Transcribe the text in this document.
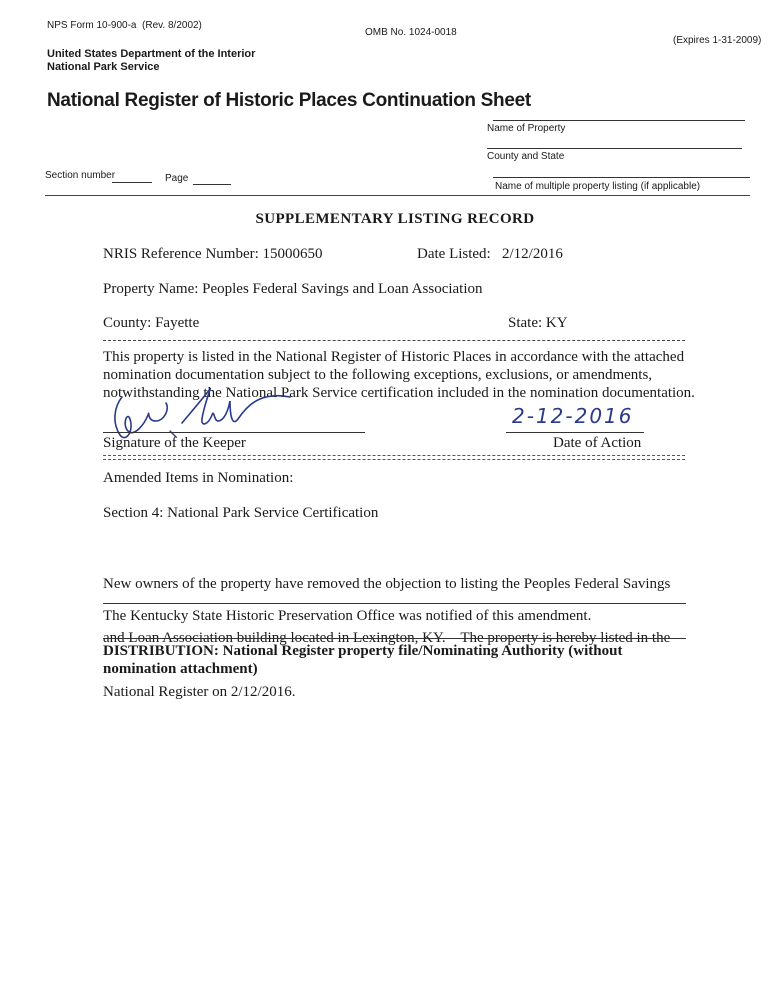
NPS Form 10-900-a (Rev. 8/2002)
OMB No. 1024-0018
(Expires 1-31-2009)
United States Department of the Interior
National Park Service
National Register of Historic Places Continuation Sheet
Name of Property
County and State
Section number	Page
Name of multiple property listing (if applicable)
SUPPLEMENTARY LISTING RECORD
NRIS Reference Number: 15000650	Date Listed: 2/12/2016
Property Name: Peoples Federal Savings and Loan Association
County: Fayette	State: KY
This property is listed in the National Register of Historic Places in accordance with the attached
nomination documentation subject to the following exceptions, exclusions, or amendments,
notwithstanding the National Park Service certification included in the nomination documentation.
2-12-2016
Signature of the Keeper	Date of Action
Amended Items in Nomination:
Section 4: National Park Service Certification

New owners of the property have removed the objection to listing the Peoples Federal Savings

and Loan Association building located in Lexington, KY.    The property is hereby listed in the

National Register on 2/12/2016.

The Kentucky State Historic Preservation Office was notified of this amendment.
DISTRIBUTION: National Register property file/Nominating Authority (without
nomination attachment)
